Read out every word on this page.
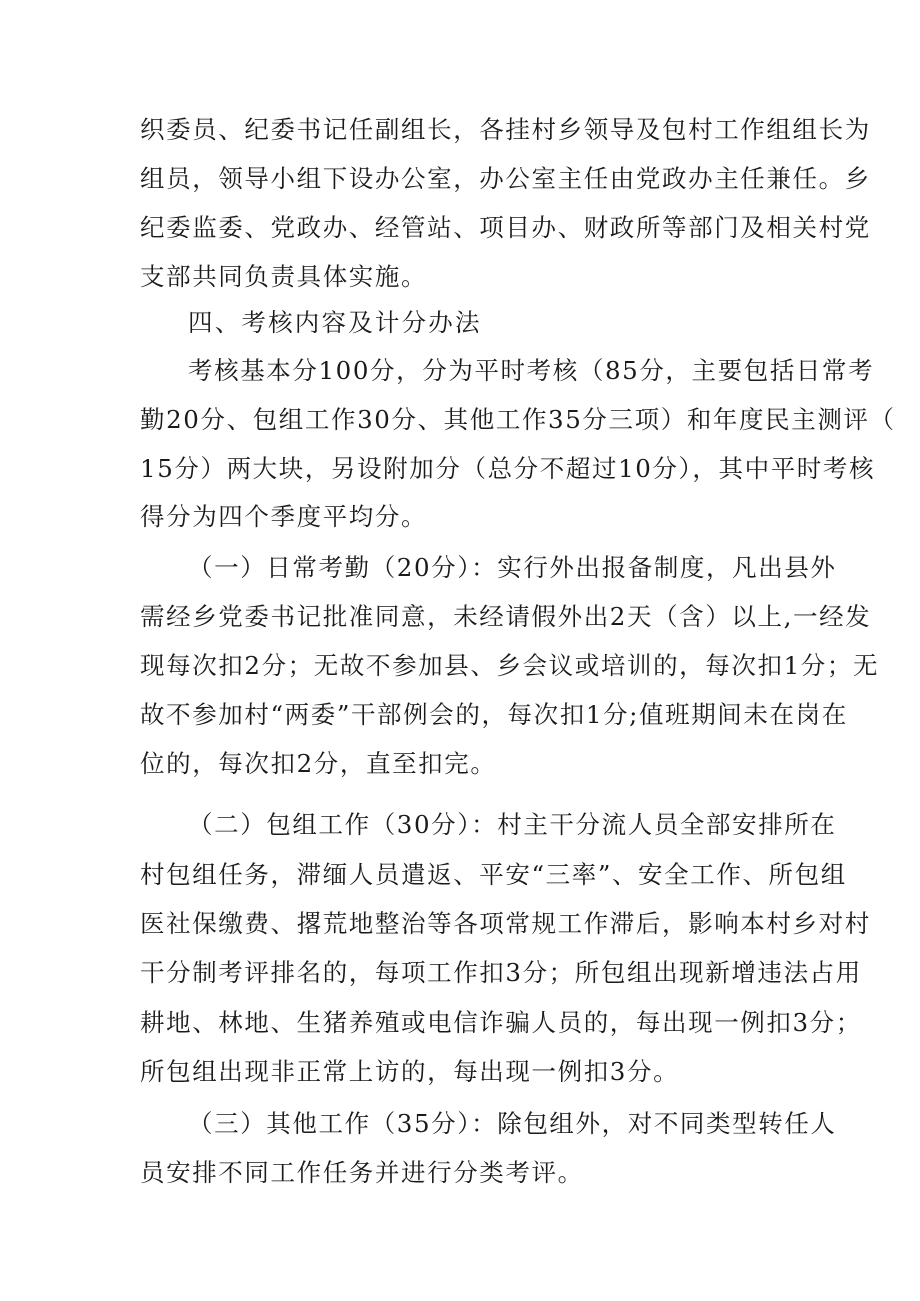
织委员、纪委书记任副组长，各挂村乡领导及包村工作组组长为
组员，领导小组下设办公室，办公室主任由党政办主任兼任。乡
纪委监委、党政办、经管站、项目办、财政所等部门及相关村党
支部共同负责具体实施。
四、考核内容及计分办法
考核基本分100分，分为平时考核（85分，主要包括日常考
勤20分、包组工作30分、其他工作35分三项）和年度民主测评（
15分）两大块，另设附加分（总分不超过10分），其中平时考核
得分为四个季度平均分。
（一）日常考勤（20分）：实行外出报备制度，凡出县外
需经乡党委书记批准同意，未经请假外出2天（含）以上,一经发
现每次扣2分；无故不参加县、乡会议或培训的，每次扣1分；无
故不参加村“两委”干部例会的，每次扣1分;值班期间未在岗在
位的，每次扣2分，直至扣完。
（二）包组工作（30分）：村主干分流人员全部安排所在
村包组任务，滞缅人员遣返、平安“三率”、安全工作、所包组
医社保缴费、撂荒地整治等各项常规工作滞后，影响本村乡对村
干分制考评排名的，每项工作扣3分；所包组出现新增违法占用
耕地、林地、生猪养殖或电信诈骗人员的，每出现一例扣3分；
所包组出现非正常上访的，每出现一例扣3分。
（三）其他工作（35分）：除包组外，对不同类型转任人
员安排不同工作任务并进行分类考评。
